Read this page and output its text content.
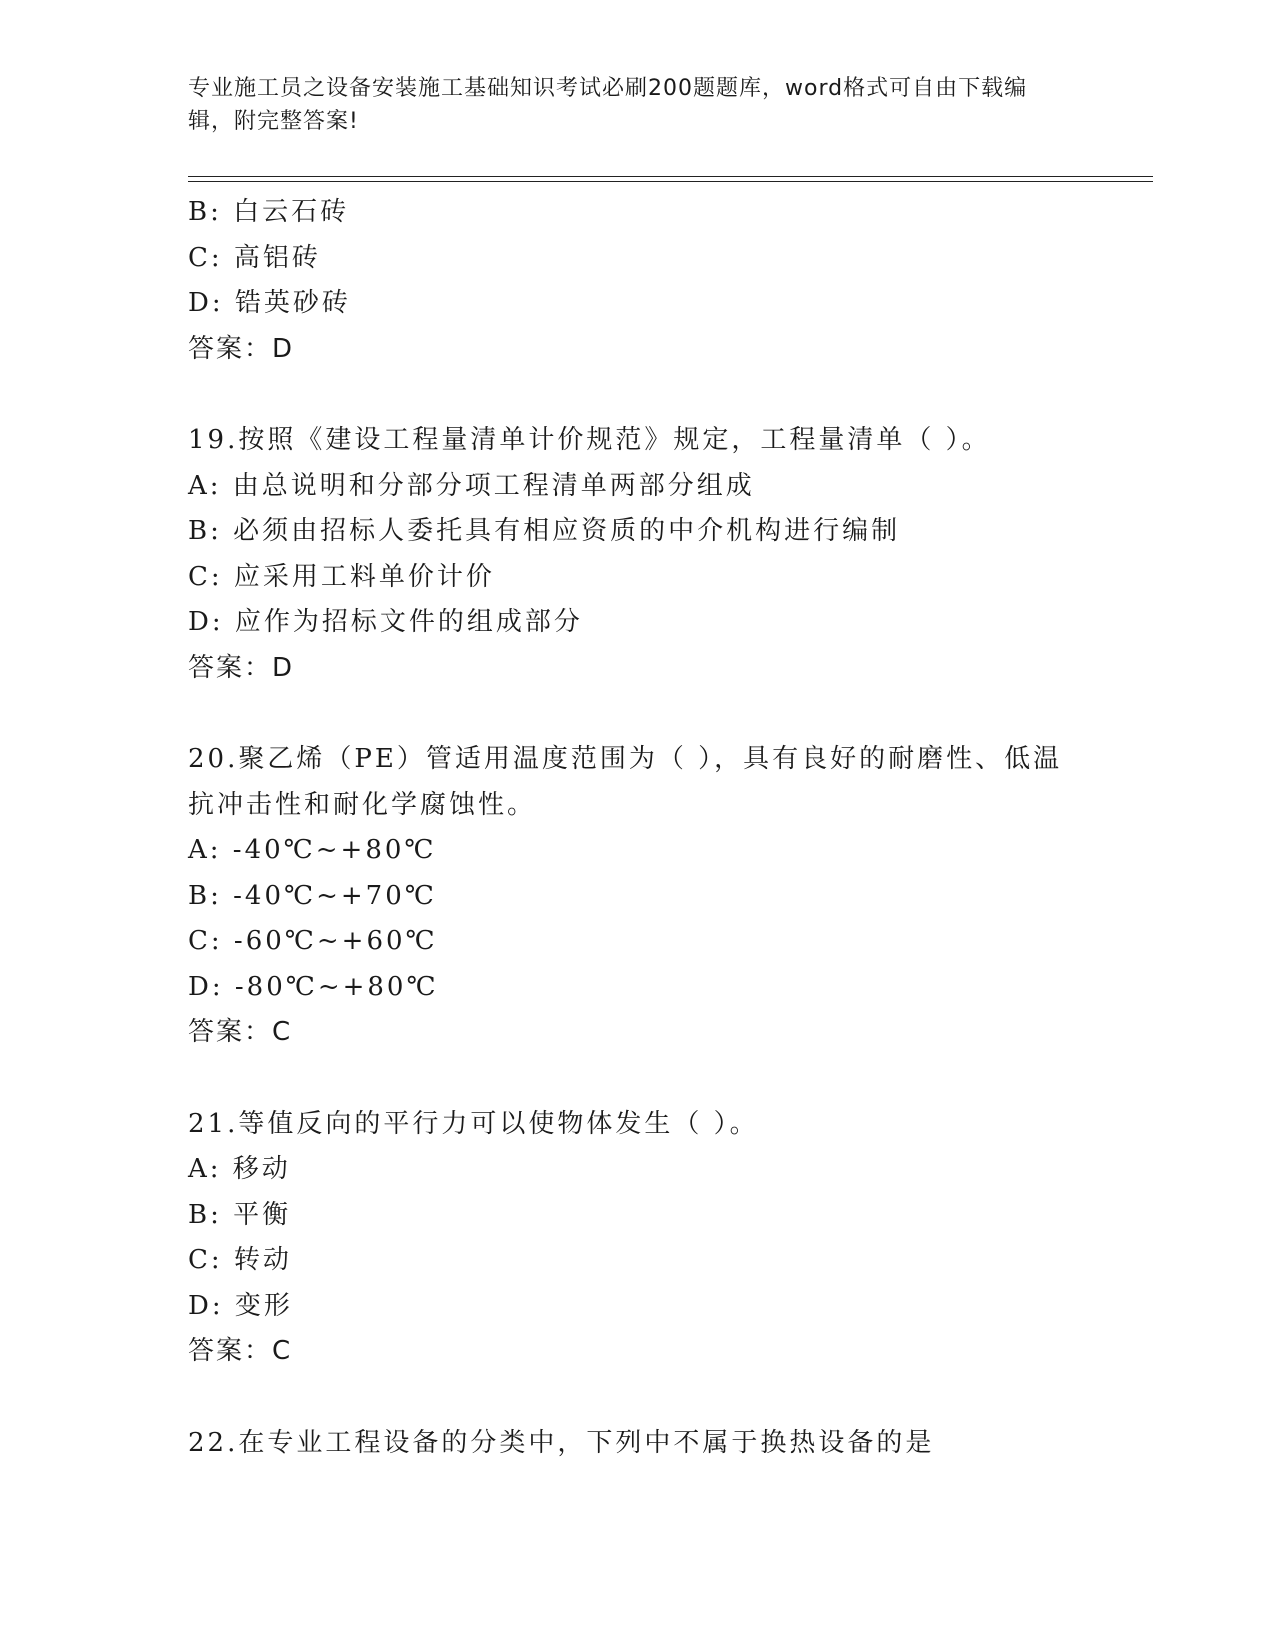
专业施工员之设备安装施工基础知识考试必刷200题题库，word格式可自由下载编辑，附完整答案!

B: 白云石砖
C: 高铝砖
D: 锆英砂砖
答案：D
19.按照《建设工程量清单计价规范》规定，工程量清单（ ）。
A: 由总说明和分部分项工程清单两部分组成
B: 必须由招标人委托具有相应资质的中介机构进行编制
C: 应采用工料单价计价
D: 应作为招标文件的组成部分
答案：D
20.聚乙烯（PE）管适用温度范围为（ ），具有良好的耐磨性、低温
抗冲击性和耐化学腐蚀性。
A: -40℃~+80℃
B: -40℃~+70℃
C: -60℃~+60℃
D: -80℃~+80℃
答案：C
21.等值反向的平行力可以使物体发生（ ）。
A: 移动
B: 平衡
C: 转动
D: 变形
答案：C
22.在专业工程设备的分类中，下列中不属于换热设备的是
